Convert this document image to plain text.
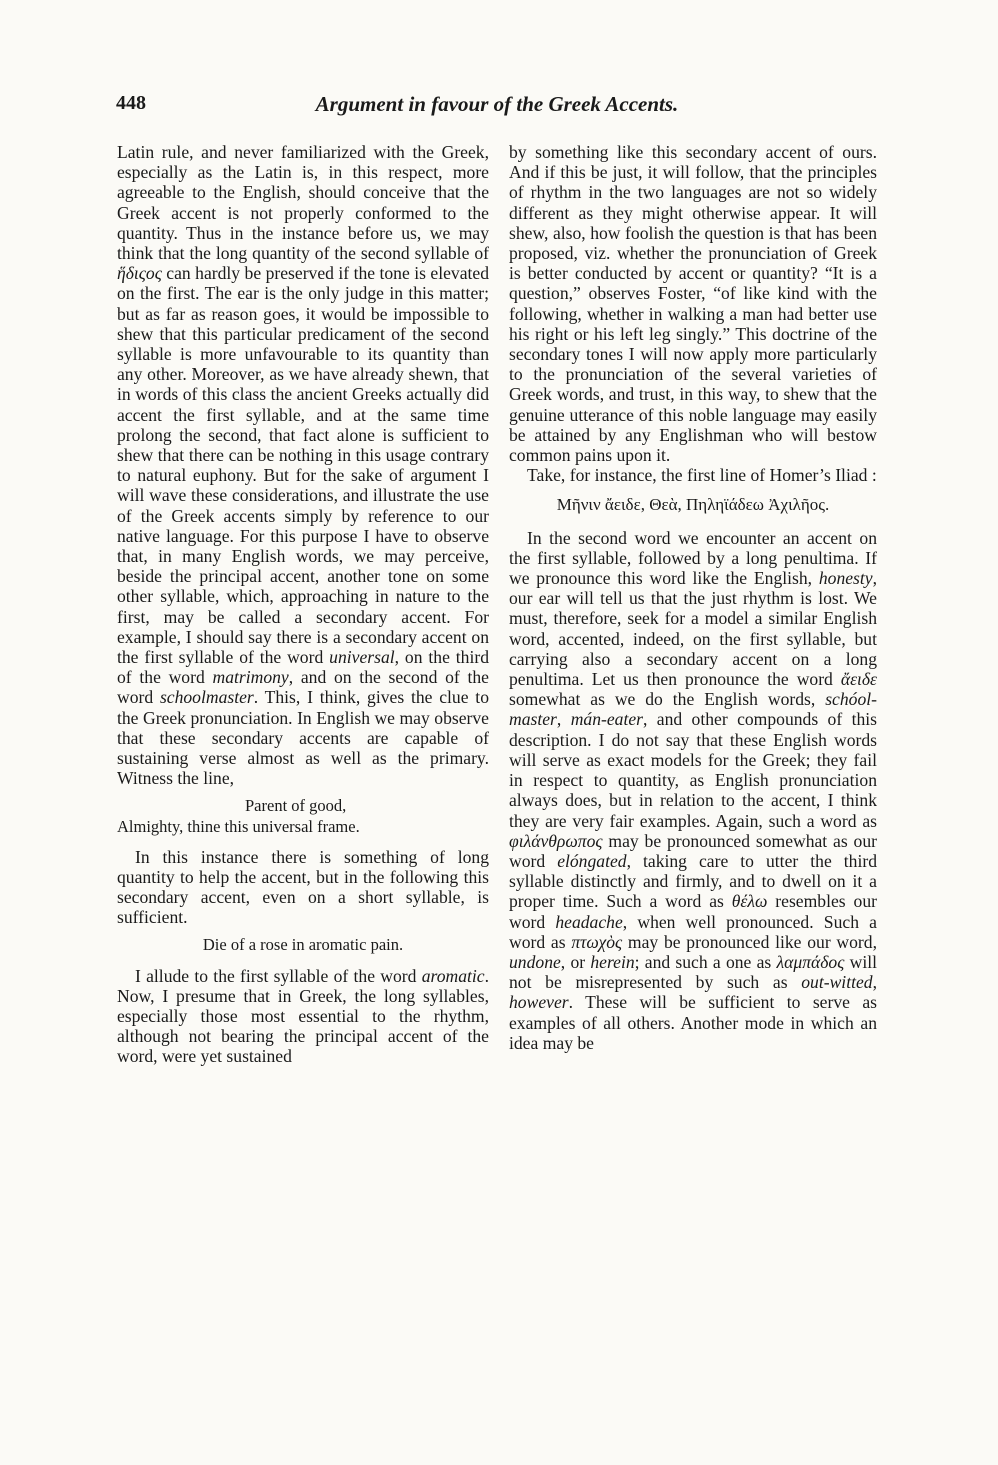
448	Argument in favour of the Greek Accents.

Latin rule, and never familiarized with the Greek, especially as the Latin is, in this respect, more agreeable to the English, should conceive that the Greek accent is not properly conformed to the quantity. Thus in the instance before us, we may think that the long quantity of the second syllable of ἥδιςος can hardly be preserved if the tone is elevated on the first. The ear is the only judge in this matter; but as far as reason goes, it would be impossible to shew that this particular predicament of the second syllable is more unfavourable to its quantity than any other. Moreover, as we have already shewn, that in words of this class the ancient Greeks actually did accent the first syllable, and at the same time prolong the second, that fact alone is sufficient to shew that there can be nothing in this usage contrary to natural euphony. But for the sake of argument I will wave these considerations, and illustrate the use of the Greek accents simply by reference to our native language. For this purpose I have to observe that, in many English words, we may perceive, beside the principal accent, another tone on some other syllable, which, approaching in nature to the first, may be called a secondary accent. For example, I should say there is a secondary accent on the first syllable of the word universal, on the third of the word matrimony, and on the second of the word schoolmaster. This, I think, gives the clue to the Greek pronunciation. In English we may observe that these secondary accents are capable of sustaining verse almost as well as the primary. Witness the line,

Parent of good,
Almighty, thine this universal frame.

In this instance there is something of long quantity to help the accent, but in the following this secondary accent, even on a short syllable, is sufficient.

Die of a rose in aromatic pain.

I allude to the first syllable of the word aromatic. Now, I presume that in Greek, the long syllables, especially those most essential to the rhythm, although not bearing the principal accent of the word, were yet sustained

by something like this secondary accent of ours. And if this be just, it will follow, that the principles of rhythm in the two languages are not so widely different as they might otherwise appear. It will shew, also, how foolish the question is that has been proposed, viz. whether the pronunciation of Greek is better conducted by accent or quantity? “It is a question,” observes Foster, “of like kind with the following, whether in walking a man had better use his right or his left leg singly.” This doctrine of the secondary tones I will now apply more particularly to the pronunciation of the several varieties of Greek words, and trust, in this way, to shew that the genuine utterance of this noble language may easily be attained by any Englishman who will bestow common pains upon it.

Take, for instance, the first line of Homer’s Iliad :

Μῆνιν ἄειδε, Θεὰ, Πηληϊάδεω Ἀχιλῆος.

In the second word we encounter an accent on the first syllable, followed by a long penultima. If we pronounce this word like the English, honesty, our ear will tell us that the just rhythm is lost. We must, therefore, seek for a model a similar English word, accented, indeed, on the first syllable, but carrying also a secondary accent on a long penultima. Let us then pronounce the word ἄειδε somewhat as we do the English words, schóol-master, mán-eater, and other compounds of this description. I do not say that these English words will serve as exact models for the Greek; they fail in respect to quantity, as English pronunciation always does, but in relation to the accent, I think they are very fair examples. Again, such a word as φιλάνθρωπος may be pronounced somewhat as our word elóngated, taking care to utter the third syllable distinctly and firmly, and to dwell on it a proper time. Such a word as θέλω resembles our word headache, when well pronounced. Such a word as πτωχὸς may be pronounced like our word, undone, or herein; and such a one as λαμπάδος will not be misrepresented by such as out-witted, however. These will be sufficient to serve as examples of all others. Another mode in which an idea may be
